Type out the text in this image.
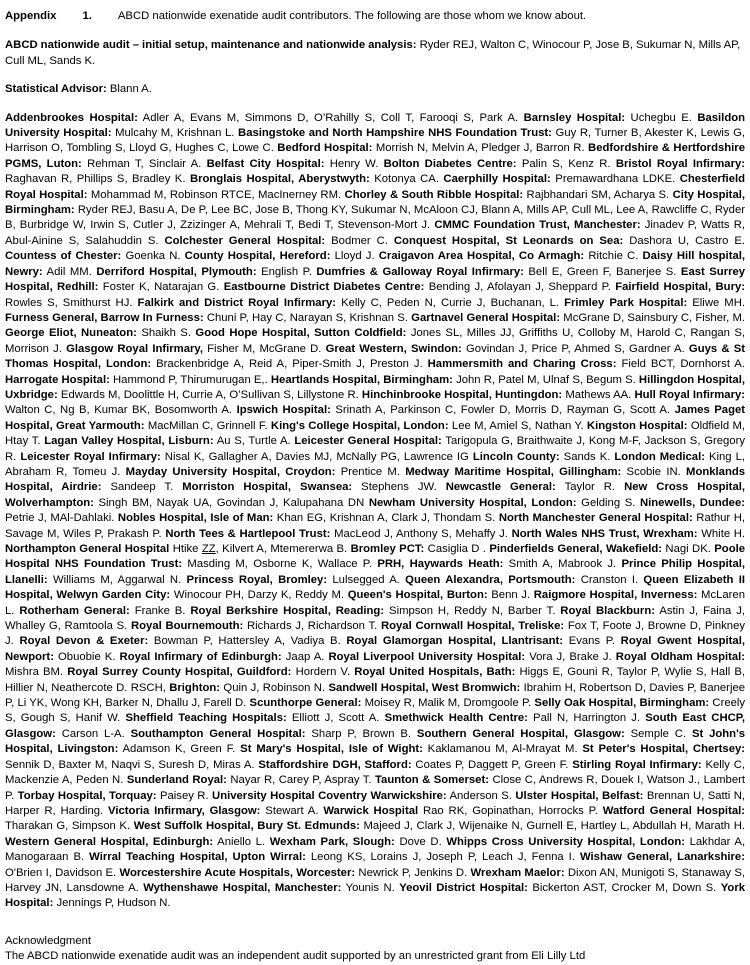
Appendix 1. ABCD nationwide exenatide audit contributors. The following are those whom we know about.

ABCD nationwide audit – initial setup, maintenance and nationwide analysis: Ryder REJ, Walton C, Winocour P, Jose B, Sukumar N, Mills AP, Cull ML, Sands K.

Statistical Advisor: Blann A.

Addenbrookes Hospital: Adler A, Evans M, Simmons D, O’Rahilly S, Coll T, Farooqi S, Park A. Barnsley Hospital: Uchegbu E. Basildon University Hospital: Mulcahy M, Krishnan L. Basingstoke and North Hampshire NHS Foundation Trust: Guy R, Turner B, Akester K, Lewis G, Harrison O, Tombling S, Lloyd G, Hughes C, Lowe C. Bedford Hospital: Morrish N, Melvin A, Pledger J, Barron R. Bedfordshire & Hertfordshire PGMS, Luton: Rehman T, Sinclair A. Belfast City Hospital: Henry W. Bolton Diabetes Centre: Palin S, Kenz R. Bristol Royal Infirmary: Raghavan R, Phillips S, Bradley K. Bronglais Hospital, Aberystwyth: Kotonya CA. Caerphilly Hospital: Premawardhana LDKE. Chesterfield Royal Hospital: Mohammad M, Robinson RTCE, MacInerney RM. Chorley & South Ribble Hospital: Rajbhandari SM, Acharya S. City Hospital, Birmingham: Ryder REJ, Basu A, De P, Lee BC, Jose B, Thong KY, Sukumar N, McAloon CJ, Blann A, Mills AP, Cull ML, Lee A, Rawcliffe C, Ryder B, Burbridge W, Irwin S, Cutler J, Zzizinger A, Mehrali T, Bedi T, Stevenson-Mort J. CMMC Foundation Trust, Manchester: Jinadev P, Watts R, Abul-Ainine S, Salahuddin S. Colchester General Hospital: Bodmer C. Conquest Hospital, St Leonards on Sea: Dashora U, Castro E. Countess of Chester: Goenka N. County Hospital, Hereford: Lloyd J. Craigavon Area Hospital, Co Armagh: Ritchie C. Daisy Hill hospital, Newry: Adil MM. Derriford Hospital, Plymouth: English P. Dumfries & Galloway Royal Infirmary: Bell E, Green F, Banerjee S. East Surrey Hospital, Redhill: Foster K, Natarajan G. Eastbourne District Diabetes Centre: Bending J, Afolayan J, Sheppard P. Fairfield Hospital, Bury: Rowles S, Smithurst HJ. Falkirk and District Royal Infirmary: Kelly C, Peden N, Currie J, Buchanan, L. Frimley Park Hospital: Eliwe MH. Furness General, Barrow In Furness: Chuni P, Hay C, Narayan S, Krishnan S. Gartnavel General Hospital: McGrane D, Sainsbury C, Fisher, M. George Eliot, Nuneaton: Shaikh S. Good Hope Hospital, Sutton Coldfield: Jones SL, Milles JJ, Griffiths U, Colloby M, Harold C, Rangan S, Morrison J. Glasgow Royal Infirmary, Fisher M, McGrane D. Great Western, Swindon: Govindan J, Price P, Ahmed S, Gardner A. Guys & St Thomas Hospital, London: Brackenbridge A, Reid A, Piper-Smith J, Preston J. Hammersmith and Charing Cross: Field BCT, Dornhorst A. Harrogate Hospital: Hammond P, Thirumurugan E,. Heartlands Hospital, Birmingham: John R, Patel M, Ulnaf S, Begum S. Hillingdon Hospital, Uxbridge: Edwards M, Doolittle H, Currie A, O’Sullivan S, Lillystone R. Hinchinbrooke Hospital, Huntingdon: Mathews AA. Hull Royal Infirmary: Walton C, Ng B, Kumar BK, Bosomworth A. Ipswich Hospital: Srinath A, Parkinson C, Fowler D, Morris D, Rayman G, Scott A. James Paget Hospital, Great Yarmouth: MacMillan C, Grinnell F. King's College Hospital, London: Lee M, Amiel S, Nathan Y. Kingston Hospital: Oldfield M, Htay T. Lagan Valley Hospital, Lisburn: Au S, Turtle A. Leicester General Hospital: Tarigopula G, Braithwaite J, Kong M-F, Jackson S, Gregory R. Leicester Royal Infirmary: Nisal K, Gallagher A, Davies MJ, McNally PG, Lawrence IG Lincoln County: Sands K. London Medical: King L, Abraham R, Tomeu J. Mayday University Hospital, Croydon: Prentice M. Medway Maritime Hospital, Gillingham: Scobie IN. Monklands Hospital, Airdrie: Sandeep T. Morriston Hospital, Swansea: Stephens JW. Newcastle General: Taylor R. New Cross Hospital, Wolverhampton: Singh BM, Nayak UA, Govindan J, Kalupahana DN Newham University Hospital, London: Gelding S. Ninewells, Dundee: Petrie J, MAl-Dahlaki. Nobles Hospital, Isle of Man: Khan EG, Krishnan A, Clark J, Thondam S. North Manchester General Hospital: Rathur H, Savage M, Wiles P, Prakash P. North Tees & Hartlepool Trust: MacLeod J, Anthony S, Mehaffy J. North Wales NHS Trust, Wrexham: White H. Northampton General Hospital Htike ZZ, Kilvert A, Mtemererwa B. Bromley PCT: Casiglia D . Pinderfields General, Wakefield: Nagi DK. Poole Hospital NHS Foundation Trust: Masding M, Osborne K, Wallace P. PRH, Haywards Heath: Smith A, Mabrook J. Prince Philip Hospital, Llanelli: Williams M, Aggarwal N. Princess Royal, Bromley: Lulsegged A. Queen Alexandra, Portsmouth: Cranston I. Queen Elizabeth II Hospital, Welwyn Garden City: Winocour PH, Darzy K, Reddy M. Queen's Hospital, Burton: Benn J. Raigmore Hospital, Inverness: McLaren L. Rotherham General: Franke B. Royal Berkshire Hospital, Reading: Simpson H, Reddy N, Barber T. Royal Blackburn: Astin J, Faina J, Whalley G, Ramtoola S. Royal Bournemouth: Richards J, Richardson T. Royal Cornwall Hospital, Treliske: Fox T, Foote J, Browne D, Pinkney J. Royal Devon & Exeter: Bowman P, Hattersley A, Vadiya B. Royal Glamorgan Hospital, Llantrisant: Evans P. Royal Gwent Hospital, Newport: Obuobie K. Royal Infirmary of Edinburgh: Jaap A. Royal Liverpool University Hospital: Vora J, Brake J. Royal Oldham Hospital: Mishra BM. Royal Surrey County Hospital, Guildford: Hordern V. Royal United Hospitals, Bath: Higgs E, Gouni R, Taylor P, Wylie S, Hall B, Hillier N, Neathercote D. RSCH, Brighton: Quin J, Robinson N. Sandwell Hospital, West Bromwich: Ibrahim H, Robertson D, Davies P, Banerjee P, Li YK, Wong KH, Barker N, Dhallu J, Farell D. Scunthorpe General: Moisey R, Malik M, Dromgoole P. Selly Oak Hospital, Birmingham: Creely S, Gough S, Hanif W. Sheffield Teaching Hospitals: Elliott J, Scott A. Smethwick Health Centre: Pall N, Harrington J. South East CHCP, Glasgow: Carson L-A. Southampton General Hospital: Sharp P, Brown B. Southern General Hospital, Glasgow: Semple C. St John's Hospital, Livingston: Adamson K, Green F. St Mary's Hospital, Isle of Wight: Kaklamanou M, Al-Mrayat M. St Peter's Hospital, Chertsey: Sennik D, Baxter M, Naqvi S, Suresh D, Miras A. Staffordshire DGH, Stafford: Coates P, Daggett P, Green F. Stirling Royal Infirmary: Kelly C, Mackenzie A, Peden N. Sunderland Royal: Nayar R, Carey P, Aspray T. Taunton & Somerset: Close C, Andrews R, Douek I, Watson J., Lambert P. Torbay Hospital, Torquay: Paisey R. University Hospital Coventry Warwickshire: Anderson S. Ulster Hospital, Belfast: Brennan U, Satti N, Harper R, Harding. Victoria Infirmary, Glasgow: Stewart A. Warwick Hospital Rao RK, Gopinathan, Horrocks P. Watford General Hospital: Tharakan G, Simpson K. West Suffolk Hospital, Bury St. Edmunds: Majeed J, Clark J, Wijenaike N, Gurnell E, Hartley L, Abdullah H, Marath H. Western General Hospital, Edinburgh: Aniello L. Wexham Park, Slough: Dove D. Whipps Cross University Hospital, London: Lakhdar A, Manogaraan B. Wirral Teaching Hospital, Upton Wirral: Leong KS, Lorains J, Joseph P, Leach J, Fenna I. Wishaw General, Lanarkshire: O'Brien I, Davidson E. Worcestershire Acute Hospitals, Worcester: Newrick P, Jenkins D. Wrexham Maelor: Dixon AN, Munigoti S, Stanaway S, Harvey JN, Lansdowne A. Wythenshawe Hospital, Manchester: Younis N. Yeovil District Hospital: Bickerton AST, Crocker M, Down S. York Hospital: Jennings P, Hudson N.

Acknowledgment

The ABCD nationwide exenatide audit was an independent audit supported by an unrestricted grant from Eli Lilly Ltd
